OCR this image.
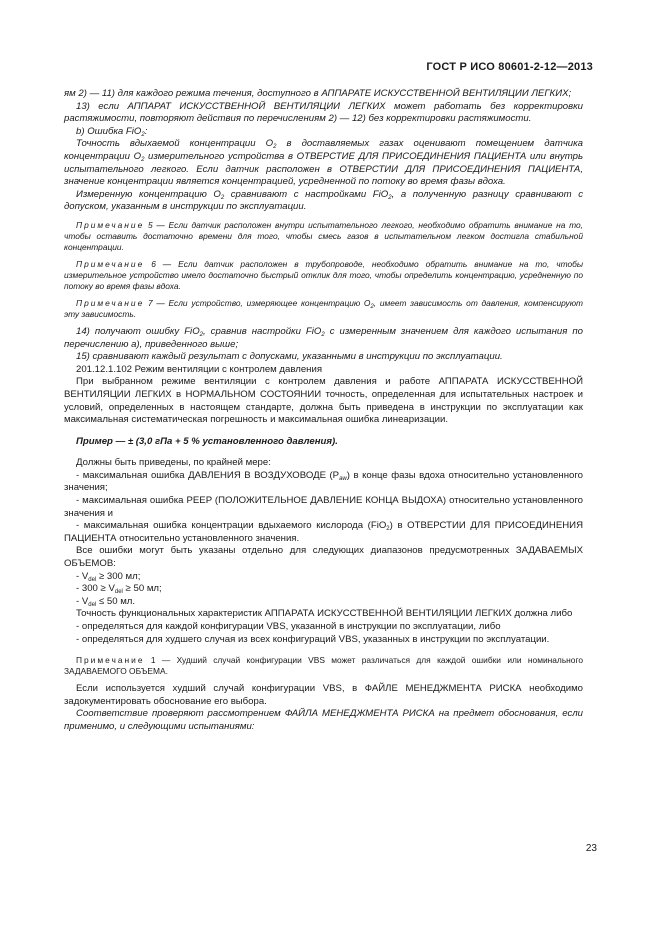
ГОСТ Р ИСО 80601-2-12—2013

ям 2) — 11) для каждого режима течения, доступного в АППАРАТЕ ИСКУССТВЕННОЙ ВЕНТИЛЯЦИИ ЛЕГКИХ;

13) если АППАРАТ ИСКУССТВЕННОЙ ВЕНТИЛЯЦИИ ЛЕГКИХ может работать без корректировки растяжимости, повторяют действия по перечислениям 2) — 12) без корректировки растяжимости.

b) Ошибка FiO$_2$:

Точность вдыхаемой концентрации $O_2$ в доставляемых газах оценивают помещением датчика концентрации $O_2$ измерительного устройства в ОТВЕРСТИЕ ДЛЯ ПРИСОЕДИНЕНИЯ ПАЦИЕНТА или внутрь испытательного легкого. Если датчик расположен в ОТВЕРСТИИ ДЛЯ ПРИСОЕДИНЕНИЯ ПАЦИЕНТА, значение концентрации является концентрацией, усредненной по потоку во время фазы вдоха.

Измеренную концентрацию $O_2$ сравнивают с настройками FiO$_2$, а полученную разницу сравнивают с допуском, указанным в инструкции по эксплуатации.

Примечание 5 — Если датчик расположен внутри испытательного легкого, необходимо обратить внимание на то, чтобы оставить достаточно времени для того, чтобы смесь газов в испытательном легком достигла стабильной концентрации.

Примечание 6 — Если датчик расположен в трубопроводе, необходимо обратить внимание на то, чтобы измерительное устройство имело достаточно быстрый отклик для того, чтобы определить концентрацию, усредненную по потоку во время фазы вдоха.

Примечание 7 — Если устройство, измеряющее концентрацию $O_2$, имеет зависимость от давления, компенсируют эту зависимость.

14) получают ошибку FiO$_2$, сравнив настройки FiO$_2$ с измеренным значением для каждого испытания по перечислению а), приведенного выше;

15) сравнивают каждый результат с допусками, указанными в инструкции по эксплуатации.

201.12.1.102 Режим вентиляции с контролем давления

При выбранном режиме вентиляции с контролем давления и работе АППАРАТА ИСКУССТВЕННОЙ ВЕНТИЛЯЦИИ ЛЕГКИХ в НОРМАЛЬНОМ СОСТОЯНИИ точность, определенная для испытательных настроек и условий, определенных в настоящем стандарте, должна быть приведена в инструкции по эксплуатации как максимальная систематическая погрешность и максимальная ошибка линеаризации.

Пример — ± (3,0 гПа + 5 % установленного давления).

Должны быть приведены, по крайней мере:

- максимальная ошибка ДАВЛЕНИЯ В ВОЗДУХОВОДЕ $(P_{aw})$ в конце фазы вдоха относительно установленного значения;

- максимальная ошибка PEEP (ПОЛОЖИТЕЛЬНОЕ ДАВЛЕНИЕ КОНЦА ВЫДОХА) относительно установленного значения и

- максимальная ошибка концентрации вдыхаемого кислорода (FiO$_2$) в ОТВЕРСТИИ ДЛЯ ПРИСОЕДИНЕНИЯ ПАЦИЕНТА относительно установленного значения.

Все ошибки могут быть указаны отдельно для следующих диапазонов предусмотренных ЗАДАВАЕМЫХ ОБЪЕМОВ:

- $V_{del} \ge 300$ мл;

- $300 \ge V_{del} \ge 50$ мл;

- $V_{del} \le 50$ мл.

Точность функциональных характеристик АППАРАТА ИСКУССТВЕННОЙ ВЕНТИЛЯЦИИ ЛЕГКИХ должна либо

- определяться для каждой конфигурации VBS, указанной в инструкции по эксплуатации, либо

- определяться для худшего случая из всех конфигураций VBS, указанных в инструкции по эксплуатации.

Примечание 1 — Худший случай конфигурации VBS может различаться для каждой ошибки или номинального ЗАДАВАЕМОГО ОБЪЕМА.

Если используется худший случай конфигурации VBS, в ФАЙЛЕ МЕНЕДЖМЕНТА РИСКА необходимо задокументировать обоснование его выбора.

Соответствие проверяют рассмотрением ФАЙЛА МЕНЕДЖМЕНТА РИСКА на предмет обоснования, если применимо, и следующими испытаниями:

23
